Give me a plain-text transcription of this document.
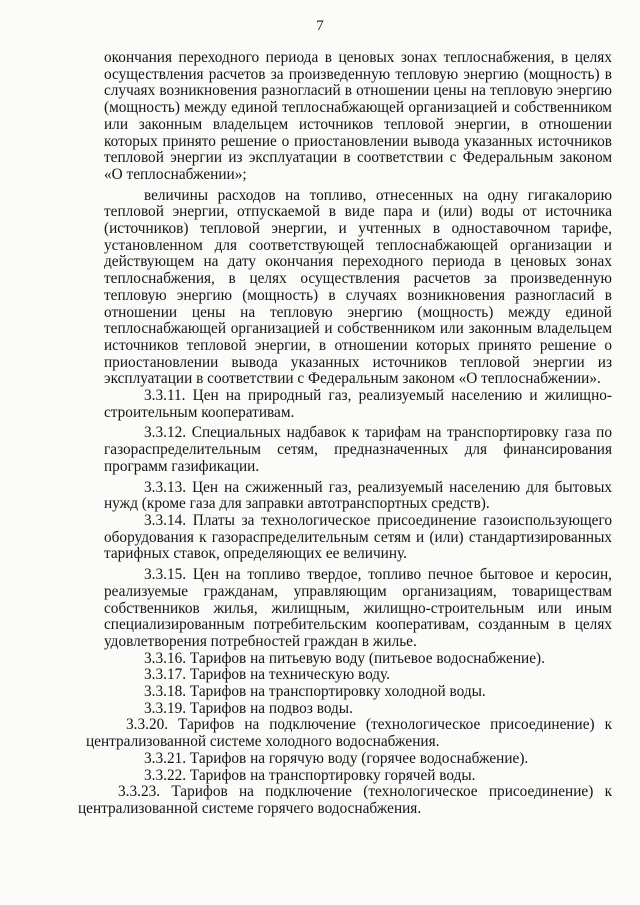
7

окончания переходного периода в ценовых зонах теплоснабжения, в целях осуществления расчетов за произведенную тепловую энергию (мощность) в случаях возникновения разногласий в отношении цены на тепловую энергию (мощность) между единой теплоснабжающей организацией и собственником или законным владельцем источников тепловой энергии, в отношении которых принято решение о приостановлении вывода указанных источников тепловой энергии из эксплуатации в соответствии с Федеральным законом «О теплоснабжении»;

величины расходов на топливо, отнесенных на одну гигакалорию тепловой энергии, отпускаемой в виде пара и (или) воды от источника (источников) тепловой энергии, и учтенных в одноставочном тарифе, установленном для соответствующей теплоснабжающей организации и действующем на дату окончания переходного периода в ценовых зонах теплоснабжения, в целях осуществления расчетов за произведенную тепловую энергию (мощность) в случаях возникновения разногласий в отношении цены на тепловую энергию (мощность) между единой теплоснабжающей организацией и собственником или законным владельцем источников тепловой энергии, в отношении которых принято решение о приостановлении вывода указанных источников тепловой энергии из эксплуатации в соответствии с Федеральным законом «О теплоснабжении».

3.3.11. Цен на природный газ, реализуемый населению и жилищно-строительным кооперативам.

3.3.12. Специальных надбавок к тарифам на транспортировку газа по газораспределительным сетям, предназначенных для финансирования программ газификации.

3.3.13. Цен на сжиженный газ, реализуемый населению для бытовых нужд (кроме газа для заправки автотранспортных средств).

3.3.14. Платы за технологическое присоединение газоиспользующего оборудования к газораспределительным сетям и (или) стандартизированных тарифных ставок, определяющих ее величину.

3.3.15. Цен на топливо твердое, топливо печное бытовое и керосин, реализуемые гражданам, управляющим организациям, товариществам собственников жилья, жилищным, жилищно-строительным или иным специализированным потребительским кооперативам, созданным в целях удовлетворения потребностей граждан в жилье.

3.3.16. Тарифов на питьевую воду (питьевое водоснабжение).

3.3.17. Тарифов на техническую воду.

3.3.18. Тарифов на транспортировку холодной воды.

3.3.19. Тарифов на подвоз воды.

3.3.20. Тарифов на подключение (технологическое присоединение) к централизованной системе холодного водоснабжения.

3.3.21. Тарифов на горячую воду (горячее водоснабжение).

3.3.22. Тарифов на транспортировку горячей воды.

3.3.23. Тарифов на подключение (технологическое присоединение) к централизованной системе горячего водоснабжения.
